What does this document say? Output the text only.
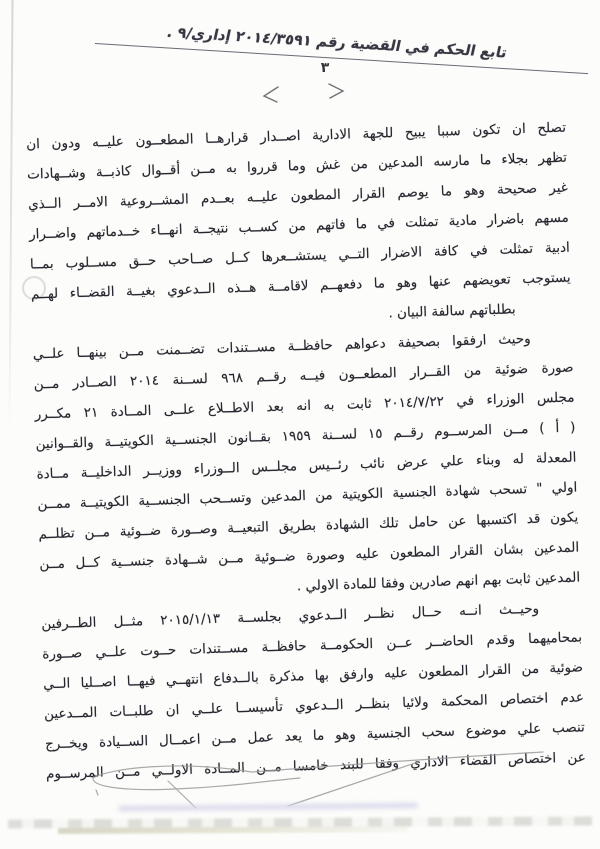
تابع الحكم في القضية رقم ٢٠١٤/٣٥٩١ إداري/٩ .
٣
تصلح ان تكون سببا يبيح للجهة الادارية اصــدار قرارهــا المطعــون عليــه ودون ان
تظهر بجلاء ما مارسه المدعين من غش وما قرروا به مــن أقــوال كاذبــة وشــهادات
غير صحيحة وهو ما يوصم القرار المطعون عليــه بعــدم المشــروعية الامــر الــذي
مسهم باضرار مادية تمثلت في ما فاتهم من كســب نتيجــة انهــاء خــدماتهم واضــرار
ادبية تمثلت في كافة الاضرار التــي يستشــعرها كــل صــاحب حــق مســلوب بمــا
يستوجب تعويضهم عنها وهو ما دفعهــم لاقامــة هــذه الــدعوي بغيــة القضــاء لهــم
بطلباتهم سالفة البيان .
وحيث ارفقوا بصحيفة دعواهم حافظــة مســتندات تضــمنت مــن بينهــا علــي
صورة ضوئية من القــرار المطعــون فيــه رقــم ٩٦٨ لســنة ٢٠١٤ الصــادر مــن
مجلس الوزراء في ٢٠١٤/٧/٢٢ ثابت به انه بعد الاطــلاع علــى المــادة ٢١ مكــرر
( أ ) مــن المرســوم رقــم ١٥ لســنة ١٩٥٩ بقــانون الجنســية الكويتيــة والقــوانين
المعدلة له وبناء علي عرض نائب رئــيس مجلــس الــوزراء ووزيــر الداخليــة مــادة
اولي " تسحب شهادة الجنسية الكويتية من المدعين وتســحب الجنســية الكويتيــة ممــن
يكون قد اكتسبها عن حامل تلك الشهادة بطريق التبعيــة وصــورة ضــوئية مــن تظلــم
المدعين بشان القرار المطعون عليه وصورة ضــوئية مــن شــهادة جنســية كــل مــن
المدعين ثابت بهم انهم صادرين وفقا للمادة الاولي .
وحيــث انــه حــال نظــر الــدعوي بجلســة ٢٠١٥/١/١٣ مثــل الطــرفين
بمحاميهما وقدم الحاضــر عــن الحكومــة حافظــة مســتندات حــوت علــي صــورة
ضوئية من القرار المطعون عليه وارفق بها مذكرة بالــدفاع انتهــي فيهــا اصــليا الــي
عدم اختصاص المحكمة ولائيا بنظــر الــدعوي تأسيســا علــي ان طلبــات المــدعين
تنصب علي موضوع سحب الجنسية وهو ما يعد عمل مــن اعمــال الســيادة ويخــرج
عن اختصاص القضاء الاداري وفقا للبند خامسا مــن المــادة الاولــي مــن المرســوم
